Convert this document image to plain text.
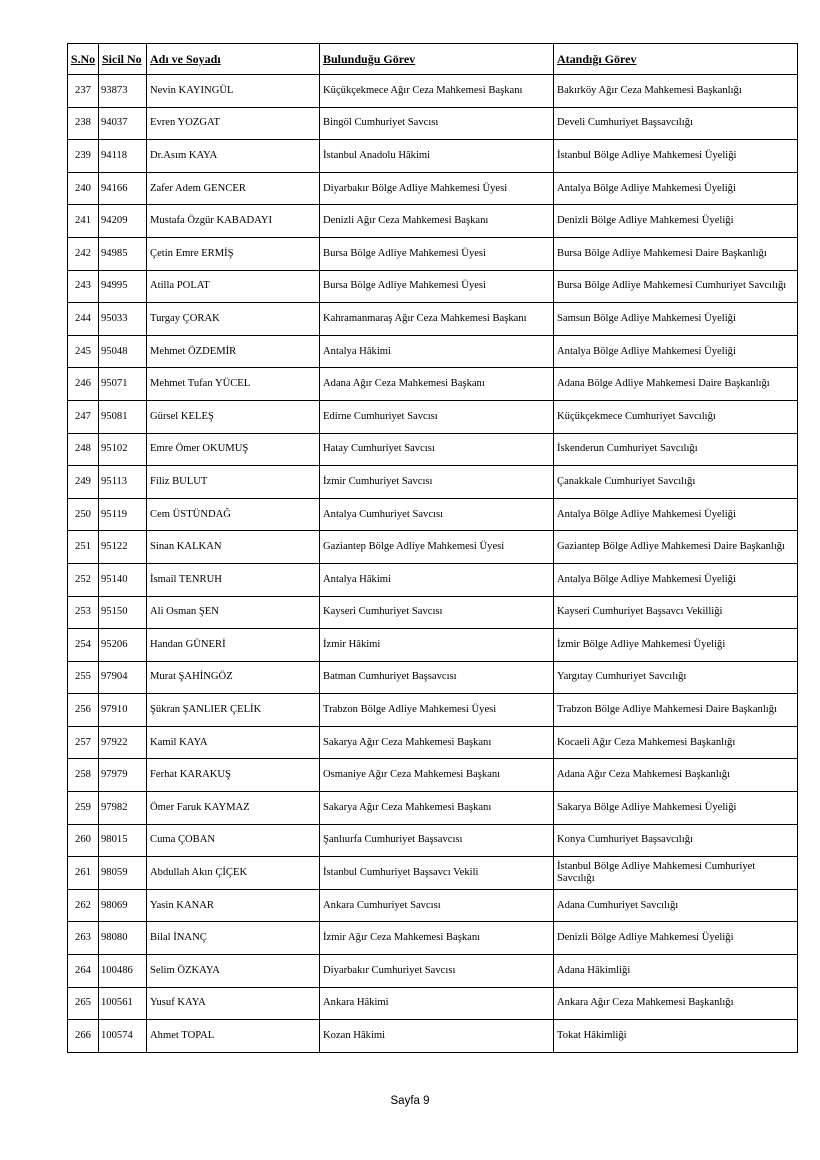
S.No	Sicil No	Adı ve Soyadı	Bulunduğu Görev	Atandığı Görev
237	93873	Nevin KAYINGÜL	Küçükçekmece Ağır Ceza Mahkemesi Başkanı	Bakırköy Ağır Ceza Mahkemesi Başkanlığı
238	94037	Evren YOZGAT	Bingöl Cumhuriyet Savcısı	Develi Cumhuriyet Başsavcılığı
239	94118	Dr.Asım KAYA	İstanbul Anadolu Hâkimi	İstanbul Bölge Adliye Mahkemesi Üyeliği
240	94166	Zafer Adem GENCER	Diyarbakır Bölge Adliye Mahkemesi Üyesi	Antalya Bölge Adliye Mahkemesi Üyeliği
241	94209	Mustafa Özgür KABADAYI	Denizli Ağır Ceza Mahkemesi Başkanı	Denizli Bölge Adliye Mahkemesi Üyeliği
242	94985	Çetin Emre ERMİŞ	Bursa Bölge Adliye Mahkemesi Üyesi	Bursa Bölge Adliye Mahkemesi Daire Başkanlığı
243	94995	Atilla POLAT	Bursa Bölge Adliye Mahkemesi Üyesi	Bursa Bölge Adliye Mahkemesi Cumhuriyet Savcılığı
244	95033	Turgay ÇORAK	Kahramanmaraş Ağır Ceza Mahkemesi Başkanı	Samsun Bölge Adliye Mahkemesi Üyeliği
245	95048	Mehmet ÖZDEMİR	Antalya Hâkimi	Antalya Bölge Adliye Mahkemesi Üyeliği
246	95071	Mehmet Tufan YÜCEL	Adana Ağır Ceza Mahkemesi Başkanı	Adana Bölge Adliye Mahkemesi Daire Başkanlığı
247	95081	Gürsel KELEŞ	Edirne Cumhuriyet Savcısı	Küçükçekmece Cumhuriyet Savcılığı
248	95102	Emre Ömer OKUMUŞ	Hatay Cumhuriyet Savcısı	İskenderun Cumhuriyet Savcılığı
249	95113	Filiz BULUT	İzmir Cumhuriyet Savcısı	Çanakkale Cumhuriyet Savcılığı
250	95119	Cem ÜSTÜNDAĞ	Antalya Cumhuriyet Savcısı	Antalya Bölge Adliye Mahkemesi Üyeliği
251	95122	Sinan KALKAN	Gaziantep Bölge Adliye Mahkemesi Üyesi	Gaziantep Bölge Adliye Mahkemesi Daire Başkanlığı
252	95140	İsmail TENRUH	Antalya Hâkimi	Antalya Bölge Adliye Mahkemesi Üyeliği
253	95150	Ali Osman ŞEN	Kayseri Cumhuriyet Savcısı	Kayseri Cumhuriyet Başsavcı Vekilliği
254	95206	Handan GÜNERİ	İzmir Hâkimi	İzmir Bölge Adliye Mahkemesi Üyeliği
255	97904	Murat ŞAHİNGÖZ	Batman Cumhuriyet Başsavcısı	Yargıtay Cumhuriyet Savcılığı
256	97910	Şükran ŞANLIER ÇELİK	Trabzon Bölge Adliye Mahkemesi Üyesi	Trabzon Bölge Adliye Mahkemesi Daire Başkanlığı
257	97922	Kamil KAYA	Sakarya Ağır Ceza Mahkemesi Başkanı	Kocaeli Ağır Ceza Mahkemesi Başkanlığı
258	97979	Ferhat KARAKUŞ	Osmaniye Ağır Ceza Mahkemesi Başkanı	Adana Ağır Ceza Mahkemesi Başkanlığı
259	97982	Ömer Faruk KAYMAZ	Sakarya Ağır Ceza Mahkemesi Başkanı	Sakarya Bölge Adliye Mahkemesi Üyeliği
260	98015	Cuma ÇOBAN	Şanlıurfa Cumhuriyet Başsavcısı	Konya Cumhuriyet Başsavcılığı
261	98059	Abdullah Akın ÇİÇEK	İstanbul Cumhuriyet Başsavcı Vekili	İstanbul Bölge Adliye Mahkemesi Cumhuriyet Savcılığı
262	98069	Yasin KANAR	Ankara Cumhuriyet Savcısı	Adana Cumhuriyet Savcılığı
263	98080	Bilal İNANÇ	İzmir Ağır Ceza Mahkemesi Başkanı	Denizli Bölge Adliye Mahkemesi Üyeliği
264	100486	Selim ÖZKAYA	Diyarbakır Cumhuriyet Savcısı	Adana Hâkimliği
265	100561	Yusuf KAYA	Ankara Hâkimi	Ankara Ağır Ceza Mahkemesi Başkanlığı
266	100574	Ahmet TOPAL	Kozan Hâkimi	Tokat Hâkimliği
Sayfa 9
